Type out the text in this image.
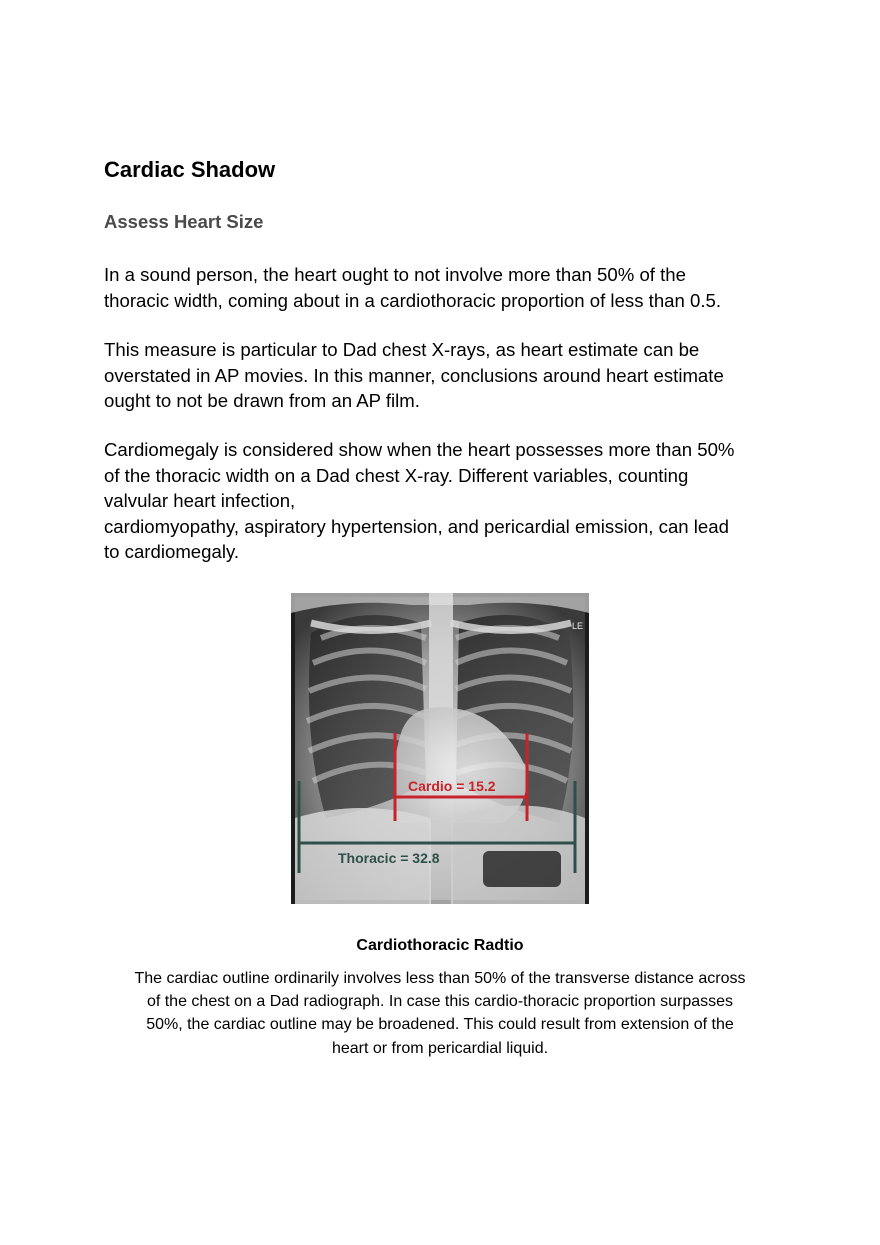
Cardiac Shadow
Assess Heart Size

In a sound person, the heart ought to not involve more than 50% of the
thoracic width, coming about in a cardiothoracic proportion of less than 0.5.

This measure is particular to Dad chest X-rays, as heart estimate can be
overstated in AP movies. In this manner, conclusions around heart estimate
ought to not be drawn from an AP film.

Cardiomegaly is considered show when the heart possesses more than 50%
of the thoracic width on a Dad chest X-ray. Different variables, counting
valvular heart infection,
cardiomyopathy, aspiratory hypertension, and pericardial emission, can lead
to cardiomegaly.

LE
Cardio = 15.2
Thoracic = 32.8
Cardiothoracic Radtio
The cardiac outline ordinarily involves less than 50% of the transverse distance across
of the chest on a Dad radiograph. In case this cardio-thoracic proportion surpasses
50%, the cardiac outline may be broadened. This could result from extension of the
heart or from pericardial liquid.
